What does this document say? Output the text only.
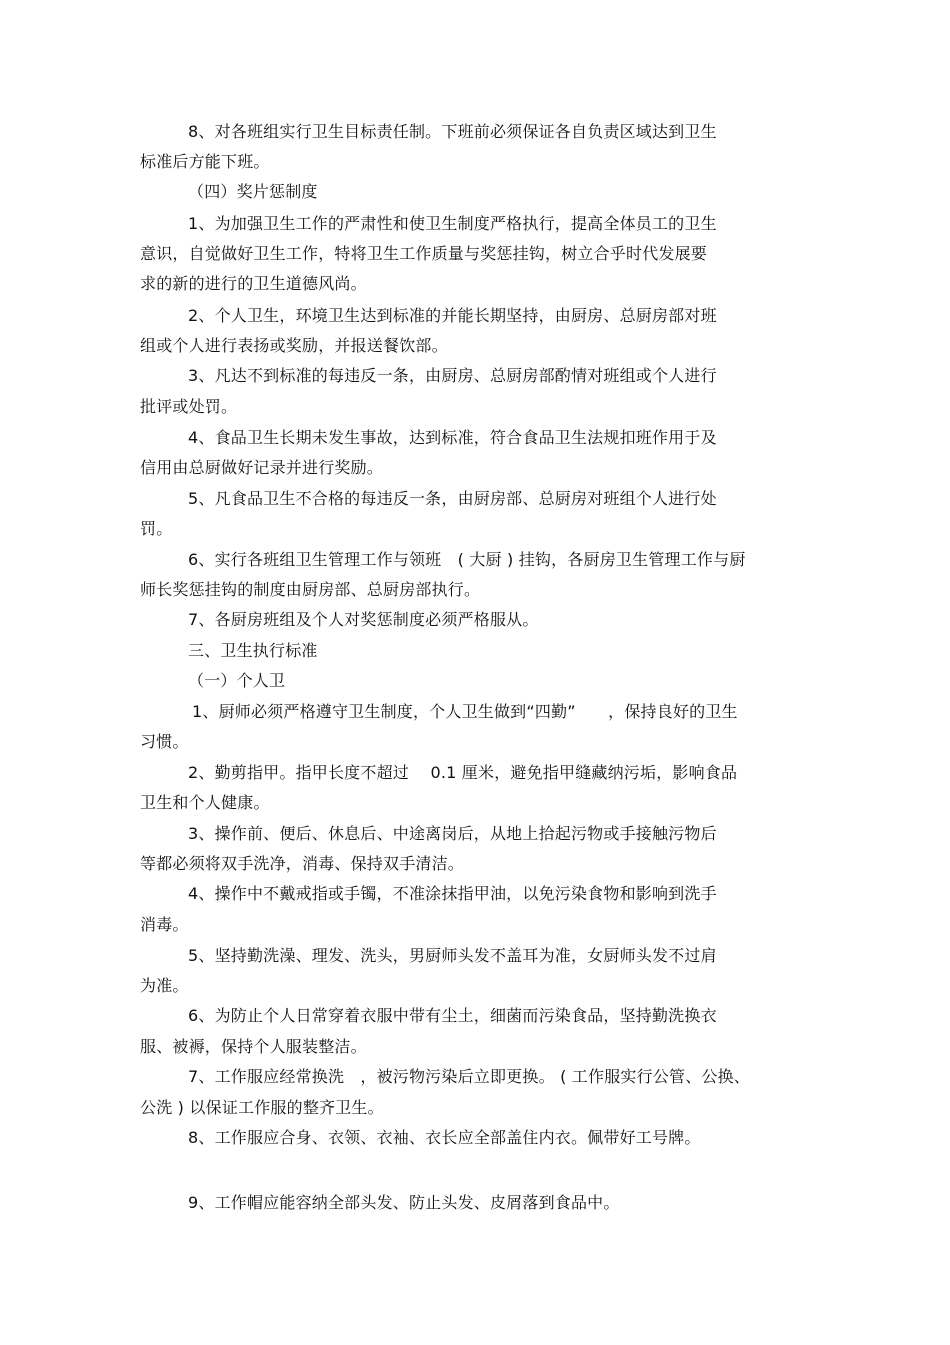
8、对各班组实行卫生目标责任制。下班前必须保证各自负责区域达到卫生
标准后方能下班。
（四）奖片惩制度
1、为加强卫生工作的严肃性和使卫生制度严格执行，提高全体员工的卫生
意识，自觉做好卫生工作，特将卫生工作质量与奖惩挂钩，树立合乎时代发展要
求的新的进行的卫生道德风尚。
2、个人卫生，环境卫生达到标准的并能长期坚持，由厨房、总厨房部对班
组或个人进行表扬或奖励，并报送餐饮部。
3、凡达不到标准的每违反一条，由厨房、总厨房部酌情对班组或个人进行
批评或处罚。
4、食品卫生长期未发生事故，达到标准，符合食品卫生法规扣班作用于及
信用由总厨做好记录并进行奖励。
5、凡食品卫生不合格的每违反一条，由厨房部、总厨房对班组个人进行处
罚。
6、实行各班组卫生管理工作与领班　( 大厨 ) 挂钩，各厨房卫生管理工作与厨
师长奖惩挂钩的制度由厨房部、总厨房部执行。
7、各厨房班组及个人对奖惩制度必须严格服从。
三、卫生执行标准
（一）个人卫
1、厨师必须严格遵守卫生制度，个人卫生做到“四勤”　　，保持良好的卫生
习惯。
2、勤剪指甲。指甲长度不超过　 0.1 厘米，避免指甲缝藏纳污垢，影响食品
卫生和个人健康。
3、操作前、便后、休息后、中途离岗后，从地上拾起污物或手接触污物后
等都必须将双手洗净，消毒、保持双手清洁。
4、操作中不戴戒指或手镯，不准涂抹指甲油，以免污染食物和影响到洗手
消毒。
5、坚持勤洗澡、理发、洗头，男厨师头发不盖耳为准，女厨师头发不过肩
为准。
6、为防止个人日常穿着衣服中带有尘土，细菌而污染食品，坚持勤洗换衣
服、被褥，保持个人服装整洁。
7、工作服应经常换洗　，被污物污染后立即更换。 ( 工作服实行公管、公换、
公洗 ) 以保证工作服的整齐卫生。
8、工作服应合身、衣领、衣袖、衣长应全部盖住内衣。佩带好工号牌。
9、工作帽应能容纳全部头发、防止头发、皮屑落到食品中。
